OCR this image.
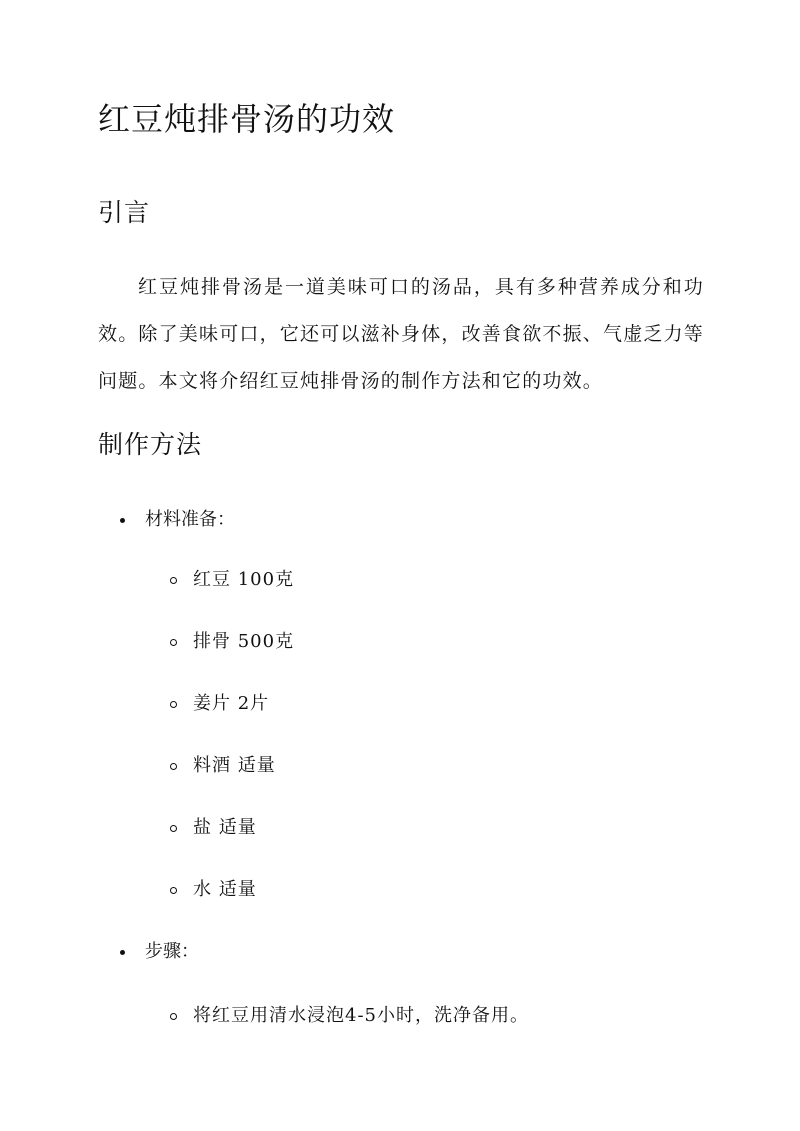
红豆炖排骨汤的功效
引言

红豆炖排骨汤是一道美味可口的汤品，具有多种营养成分和功效。除了美味可口，它还可以滋补身体，改善食欲不振、气虚乏力等问题。本文将介绍红豆炖排骨汤的制作方法和它的功效。

制作方法
材料准备：
红豆 100克
排骨 500克
姜片 2片
料酒 适量
盐 适量
水 适量
步骤：
将红豆用清水浸泡4-5小时，洗净备用。
